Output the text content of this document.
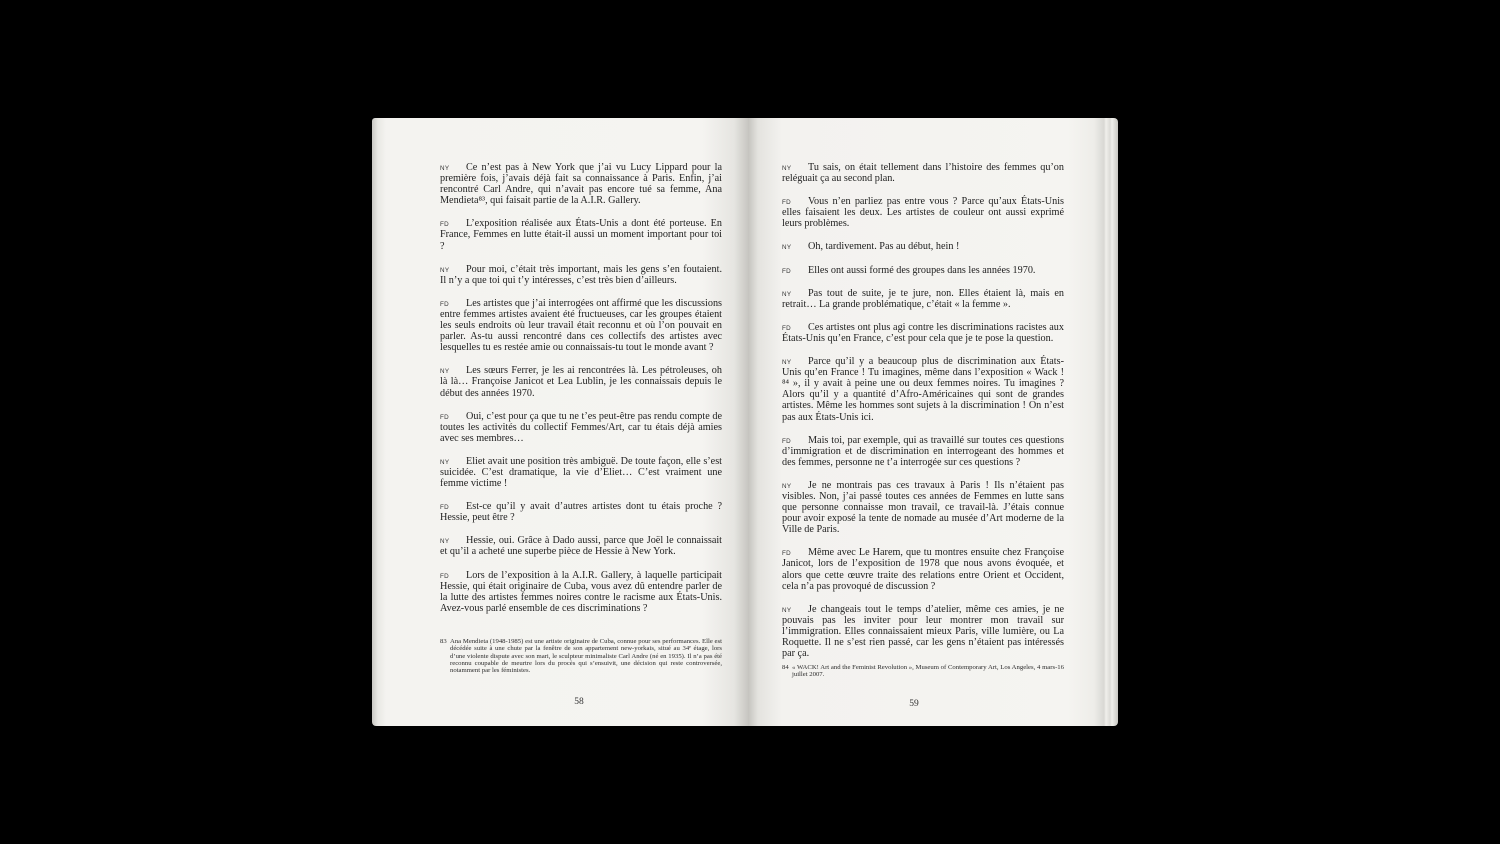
NY Ce n’est pas à New York que j’ai vu Lucy Lippard pour la première fois, j’avais déjà fait sa connaissance à Paris. Enfin, j’ai rencontré Carl Andre, qui n’avait pas encore tué sa femme, Ana Mendieta⁸³, qui faisait partie de la A.I.R. Gallery.

FD L’exposition réalisée aux États-Unis a dont été porteuse. En France, Femmes en lutte était-il aussi un moment important pour toi ?

NY Pour moi, c’était très important, mais les gens s’en foutaient. Il n’y a que toi qui t’y intéresses, c’est très bien d’ailleurs.

FD Les artistes que j’ai interrogées ont affirmé que les discussions entre femmes artistes avaient été fructueuses, car les groupes étaient les seuls endroits où leur travail était reconnu et où l’on pouvait en parler. As-tu aussi rencontré dans ces collectifs des artistes avec lesquelles tu es restée amie ou connaissais-tu tout le monde avant ?

NY Les sœurs Ferrer, je les ai rencontrées là. Les pétroleuses, oh là là… Françoise Janicot et Lea Lublin, je les connaissais depuis le début des années 1970.

FD Oui, c’est pour ça que tu ne t’es peut-être pas rendu compte de toutes les activités du collectif Femmes/Art, car tu étais déjà amies avec ses membres…

NY Eliet avait une position très ambiguë. De toute façon, elle s’est suicidée. C’est dramatique, la vie d’Eliet… C’est vraiment une femme victime !

FD Est-ce qu’il y avait d’autres artistes dont tu étais proche ? Hessie, peut être ?

NY Hessie, oui. Grâce à Dado aussi, parce que Joël le connaissait et qu’il a acheté une superbe pièce de Hessie à New York.

FD Lors de l’exposition à la A.I.R. Gallery, à laquelle participait Hessie, qui était originaire de Cuba, vous avez dû entendre parler de la lutte des artistes femmes noires contre le racisme aux États-Unis. Avez-vous parlé ensemble de ces discriminations ?

83 Ana Mendieta (1948-1985) est une artiste originaire de Cuba, connue pour ses performances. Elle est décédée suite à une chute par la fenêtre de son appartement new-yorkais, situé au 34ᵉ étage, lors d’une violente dispute avec son mari, le sculpteur minimaliste Carl Andre (né en 1935). Il n’a pas été reconnu coupable de meurtre lors du procès qui s’ensuivit, une décision qui reste controversée, notamment par les féministes.
58

NY Tu sais, on était tellement dans l’histoire des femmes qu’on reléguait ça au second plan.

FD Vous n’en parliez pas entre vous ? Parce qu’aux États-Unis elles faisaient les deux. Les artistes de couleur ont aussi exprimé leurs problèmes.

NY Oh, tardivement. Pas au début, hein !

FD Elles ont aussi formé des groupes dans les années 1970.

NY Pas tout de suite, je te jure, non. Elles étaient là, mais en retrait… La grande problématique, c’était « la femme ».

FD Ces artistes ont plus agi contre les discriminations racistes aux États-Unis qu’en France, c’est pour cela que je te pose la question.

NY Parce qu’il y a beaucoup plus de discrimination aux États-Unis qu’en France ! Tu imagines, même dans l’exposition « Wack ! ⁸⁴ », il y avait à peine une ou deux femmes noires. Tu imagines ? Alors qu’il y a quantité d’Afro-Américaines qui sont de grandes artistes. Même les hommes sont sujets à la discrimination ! On n’est pas aux États-Unis ici.

FD Mais toi, par exemple, qui as travaillé sur toutes ces questions d’immigration et de discrimination en interrogeant des hommes et des femmes, personne ne t’a interrogée sur ces questions ?

NY Je ne montrais pas ces travaux à Paris ! Ils n’étaient pas visibles. Non, j’ai passé toutes ces années de Femmes en lutte sans que personne connaisse mon travail, ce travail-là. J’étais connue pour avoir exposé la tente de nomade au musée d’Art moderne de la Ville de Paris.

FD Même avec Le Harem, que tu montres ensuite chez Françoise Janicot, lors de l’exposition de 1978 que nous avons évoquée, et alors que cette œuvre traite des relations entre Orient et Occident, cela n’a pas provoqué de discussion ?

NY Je changeais tout le temps d’atelier, même ces amies, je ne pouvais pas les inviter pour leur montrer mon travail sur l’immigration. Elles connaissaient mieux Paris, ville lumière, ou La Roquette. Il ne s’est rien passé, car les gens n’étaient pas intéressés par ça.

84 « WACK! Art and the Feminist Revolution », Museum of Contemporary Art, Los Angeles, 4 mars-16 juillet 2007.
59
